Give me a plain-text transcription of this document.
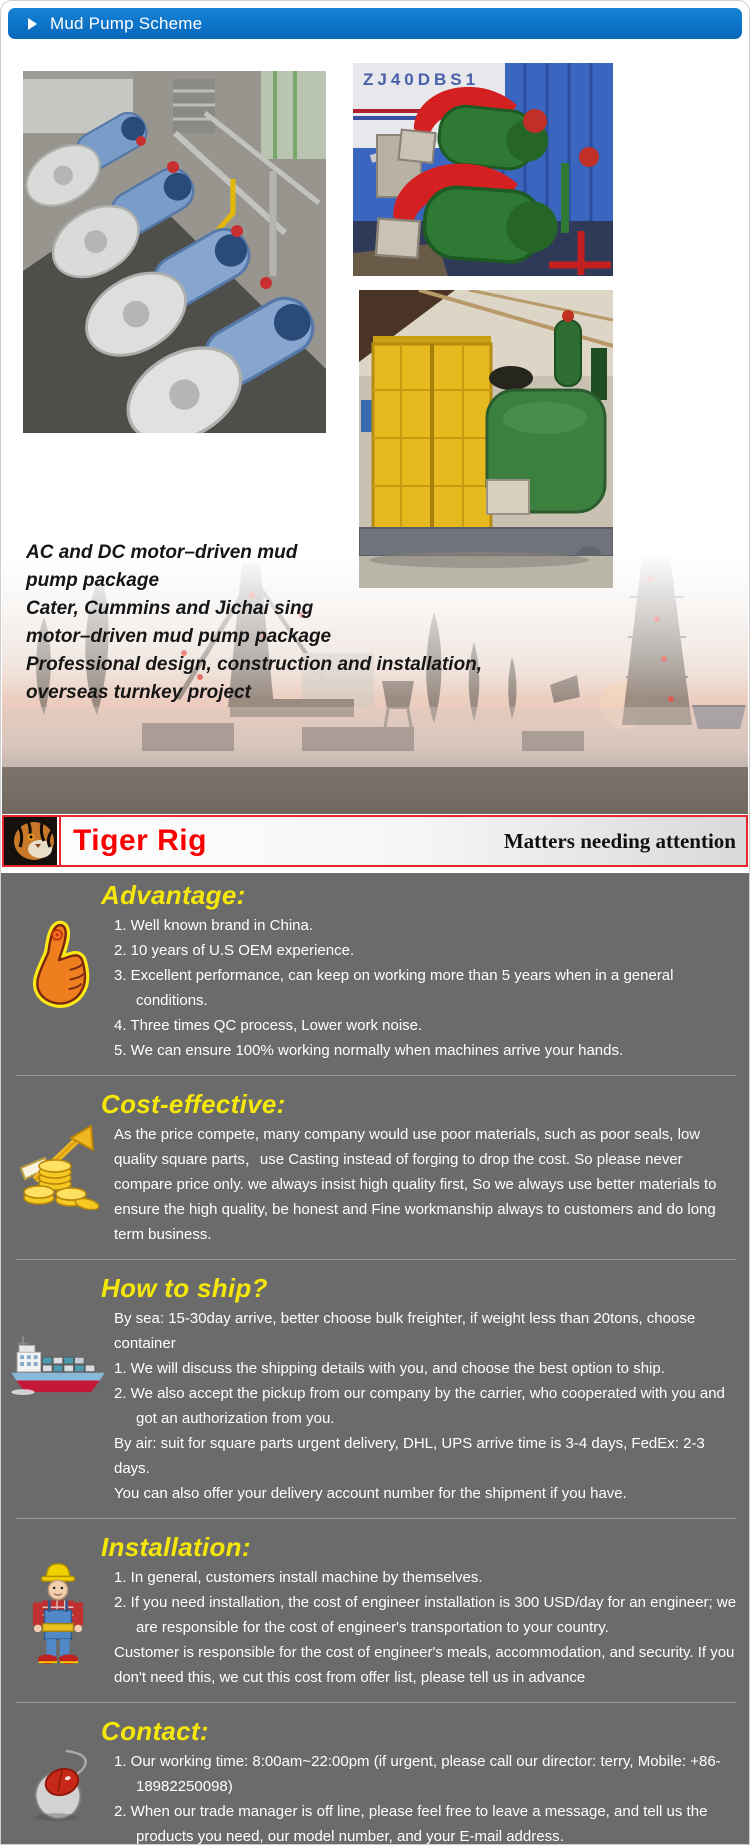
Mud Pump Scheme
ZJ40DBS1
AC and DC motor–driven mud
pump package
Cater, Cummins and Jichai sing
motor–driven mud pump package
Professional design, construction and installation,
overseas turnkey project
Tiger Rig	Matters needing attention
Advantage:
1. Well known brand in China.
2. 10 years of U.S OEM experience.
3. Excellent performance, can keep on working more than 5 years when in a general conditions.
4. Three times QC process, Lower work noise.
5. We can ensure 100% working normally when machines arrive your hands.
Cost-effective:
As the price compete, many company would use poor materials, such as poor seals, low quality square parts，use Casting instead of forging to drop the cost. So please never compare price only. we always insist high quality first, So we always use better materials to ensure the high quality, be honest and Fine workmanship always to customers and do long term business.
How to ship?
By sea: 15-30day arrive, better choose bulk freighter, if weight less than 20tons, choose container
1. We will discuss the shipping details with you, and choose the best option to ship.
2. We also accept the pickup from our company by the carrier, who cooperated with you and got an authorization from you.
By air: suit for square parts urgent delivery, DHL, UPS arrive time is 3-4 days, FedEx: 2-3 days.
You can also offer your delivery account number for the shipment if you have.
Installation:
1. In general, customers install machine by themselves.
2. If you need installation, the cost of engineer installation is 300 USD/day for an engineer; we are responsible for the cost of engineer's transportation to your country.
Customer is responsible for the cost of engineer's meals, accommodation, and security. If you don't need this, we cut this cost from offer list, please tell us in advance
Contact:
1. Our working time: 8:00am~22:00pm (if urgent, please call our director: terry, Mobile: +86-18982250098)
2. When our trade manager is off line, please feel free to leave a message, and tell us the products you need, our model number, and your E-mail address.
